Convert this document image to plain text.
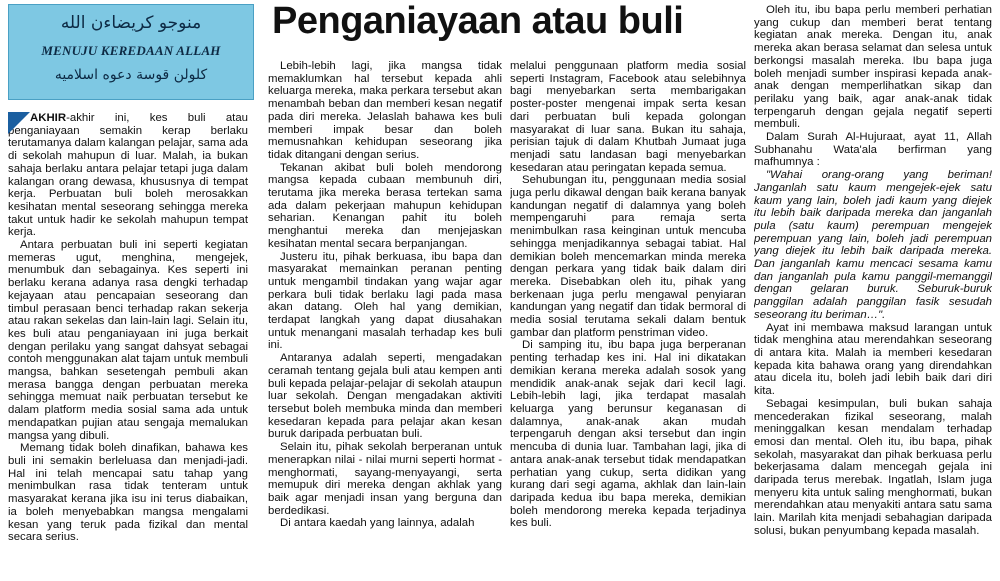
منوجو كريضاءن الله
MENUJU KEREDAAN ALLAH
كلولن قوسة دعوه اسلاميه
Penganiayaan atau buli

AKHIR-akhir ini, kes buli atau penganiayaan semakin kerap berlaku terutamanya dalam kalangan pelajar, sama ada di sekolah mahupun di luar. Malah, ia bukan sahaja berlaku antara pelajar tetapi juga dalam kalangan orang dewasa, khususnya di tempat kerja. Perbuatan buli boleh merosakkan kesihatan mental seseorang sehingga mereka takut untuk hadir ke sekolah mahupun tempat kerja.

Antara perbuatan buli ini seperti kegiatan memeras ugut, menghina, mengejek, menumbuk dan sebagainya. Kes seperti ini berlaku kerana adanya rasa dengki terhadap kejayaan atau pencapaian seseorang dan timbul perasaan benci terhadap rakan sekerja atau rakan sekelas dan lain-lain lagi. Selain itu, kes buli atau penganiayaan ini juga berkait dengan perilaku yang sangat dahsyat sebagai contoh menggunakan alat tajam untuk membuli mangsa, bahkan sesetengah pembuli akan merasa bangga dengan perbuatan mereka sehingga memuat naik perbuatan tersebut ke dalam platform media sosial sama ada untuk mendapatkan pujian atau sengaja memalukan mangsa yang dibuli.

Memang tidak boleh dinafikan, bahawa kes buli ini semakin berleluasa dan menjadi-jadi. Hal ini telah mencapai satu tahap yang menimbulkan rasa tidak tenteram untuk masyarakat kerana jika isu ini terus diabaikan, ia boleh menyebabkan mangsa mengalami kesan yang teruk pada fizikal dan mental secara serius.

Lebih-lebih lagi, jika mangsa tidak memaklumkan hal tersebut kepada ahli keluarga mereka, maka perkara tersebut akan menambah beban dan memberi kesan negatif pada diri mereka. Jelaslah bahawa kes buli memberi impak besar dan boleh memusnahkan kehidupan seseorang jika tidak ditangani dengan serius.

Tekanan akibat buli boleh mendorong mangsa kepada cubaan membunuh diri, terutama jika mereka berasa tertekan sama ada dalam pekerjaan mahupun kehidupan seharian. Kenangan pahit itu boleh menghantui mereka dan menjejaskan kesihatan mental secara berpanjangan.

Justeru itu, pihak berkuasa, ibu bapa dan masyarakat memainkan peranan penting untuk mengambil tindakan yang wajar agar perkara buli tidak berlaku lagi pada masa akan datang. Oleh hal yang demikian, terdapat langkah yang dapat diusahakan untuk menangani masalah terhadap kes buli ini.

Antaranya adalah seperti, mengadakan ceramah tentang gejala buli atau kempen anti buli kepada pelajar-pelajar di sekolah ataupun luar sekolah. Dengan mengadakan aktiviti tersebut boleh membuka minda dan memberi kesedaran kepada para pelajar akan kesan buruk daripada perbuatan buli.

Selain itu, pihak sekolah berperanan untuk menerapkan nilai - nilai murni seperti hormat - menghormati, sayang-menyayangi, serta memupuk diri mereka dengan akhlak yang baik agar menjadi insan yang berguna dan berdedikasi.

Di antara kaedah yang lainnya, adalah

melalui penggunaan platform media sosial seperti Instagram, Facebook atau selebihnya bagi menyebarkan serta membarigakan poster-poster mengenai impak serta kesan dari perbuatan buli kepada golongan masyarakat di luar sana. Bukan itu sahaja, perisian tajuk di dalam Khutbah Jumaat juga menjadi satu landasan bagi menyebarkan kesedaran atau peringatan kepada semua.

Sehubungan itu, penggunaan media sosial juga perlu dikawal dengan baik kerana banyak kandungan negatif di dalamnya yang boleh mempengaruhi para remaja serta menimbulkan rasa keinginan untuk mencuba sehingga menjadikannya sebagai tabiat. Hal demikian boleh mencemarkan minda mereka dengan perkara yang tidak baik dalam diri mereka. Disebabkan oleh itu, pihak yang berkenaan juga perlu mengawal penyiaran kandungan yang negatif dan tidak bermoral di media sosial terutama sekali dalam bentuk gambar dan platform penstriman video.

Di samping itu, ibu bapa juga berperanan penting terhadap kes ini. Hal ini dikatakan demikian kerana mereka adalah sosok yang mendidik anak-anak sejak dari kecil lagi. Lebih-lebih lagi, jika terdapat masalah keluarga yang berunsur keganasan di dalamnya, anak-anak akan mudah terpengaruh dengan aksi tersebut dan ingin mencuba di dunia luar. Tambahan lagi, jika di antara anak-anak tersebut tidak mendapatkan perhatian yang cukup, serta didikan yang kurang dari segi agama, akhlak dan lain-lain daripada kedua ibu bapa mereka, demikian boleh mendorong mereka kepada terjadinya kes buli.

Oleh itu, ibu bapa perlu memberi perhatian yang cukup dan memberi berat tentang kegiatan anak mereka. Dengan itu, anak mereka akan berasa selamat dan selesa untuk berkongsi masalah mereka. Ibu bapa juga boleh menjadi sumber inspirasi kepada anak-anak dengan memperlihatkan sikap dan perilaku yang baik, agar anak-anak tidak terpengaruh dengan gejala negatif seperti membuli.

Dalam Surah Al-Hujuraat, ayat 11, Allah Subhanahu Wata'ala berfirman yang mafhumnya :

"Wahai orang-orang yang beriman! Janganlah satu kaum mengejek-ejek satu kaum yang lain, boleh jadi kaum yang diejek itu lebih baik daripada mereka dan janganlah pula (satu kaum) perempuan mengejek perempuan yang lain, boleh jadi perempuan yang diejek itu lebih baik daripada mereka. Dan janganlah kamu mencaci sesama kamu dan janganlah pula kamu panggil-memanggil dengan gelaran buruk. Seburuk-buruk panggilan adalah panggilan fasik sesudah seseorang itu beriman…".

Ayat ini membawa maksud larangan untuk tidak menghina atau merendahkan seseorang di antara kita. Malah ia memberi kesedaran kepada kita bahawa orang yang direndahkan atau dicela itu, boleh jadi lebih baik dari diri kita.

Sebagai kesimpulan, buli bukan sahaja mencederakan fizikal seseorang, malah meninggalkan kesan mendalam terhadap emosi dan mental. Oleh itu, ibu bapa, pihak sekolah, masyarakat dan pihak berkuasa perlu bekerjasama dalam mencegah gejala ini daripada terus merebak. Ingatlah, Islam juga menyeru kita untuk saling menghormati, bukan merendahkan atau menyakiti antara satu sama lain. Marilah kita menjadi sebahagian daripada solusi, bukan penyumbang kepada masalah.
